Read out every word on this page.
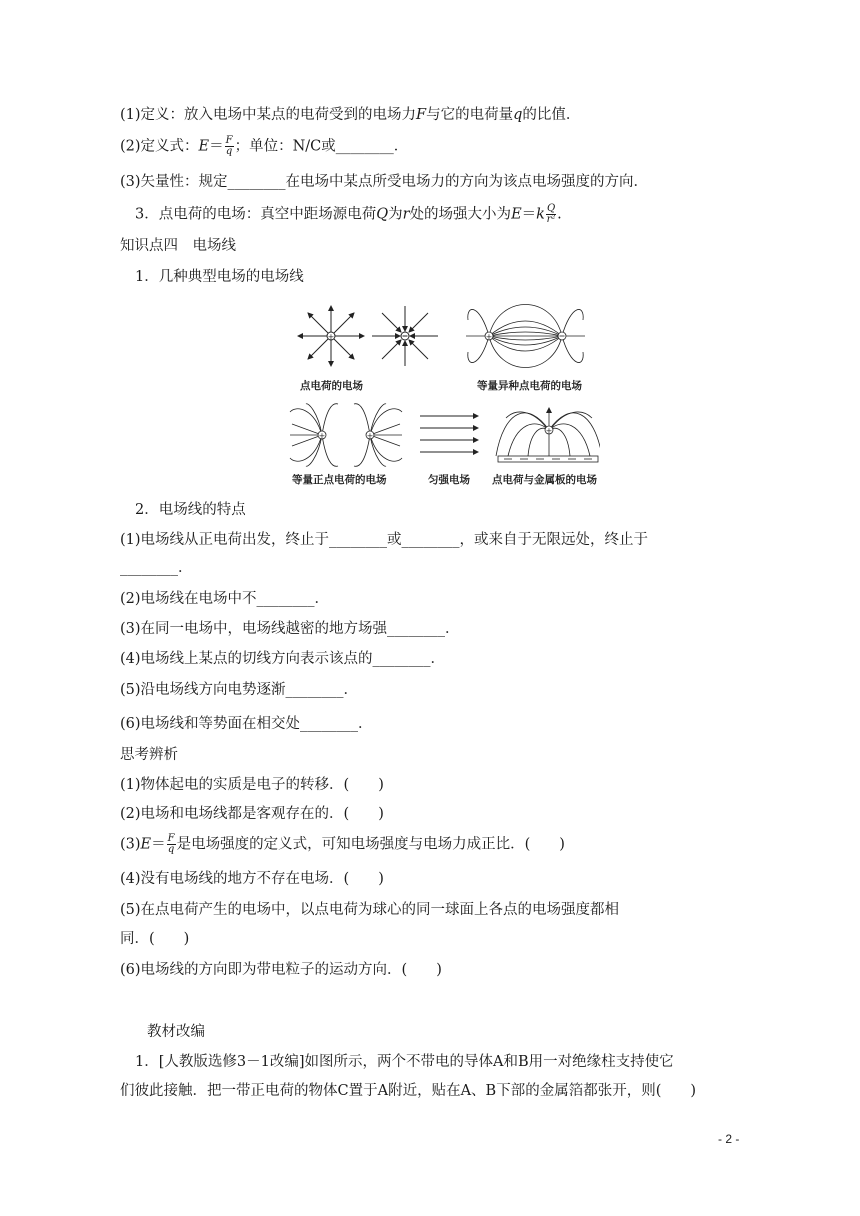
(1)定义：放入电场中某点的电荷受到的电场力F与它的电荷量q的比值．
(2)定义式：$E= \frac{F}{q}$ ；单位：N/C或________．
(3)矢量性：规定________在电场中某点所受电场力的方向为该点电场强度的方向．
3．点电荷的电场：真空中距场源电荷Q为r处的场强大小为$E=k \frac{Q}{\text{r²}}$ .
知识点四　电场线
1．几种典型电场的电场线
+	+
+	+
+
点电荷的电场	等量异种点电荷的电场
等量正点电荷的电场	匀强电场 点电荷与金属板的电场
2．电场线的特点
(1)电场线从正电荷出发，终止于________或________，或来自于无限远处，终止于
________．
(2)电场线在电场中不________．
(3)在同一电场中，电场线越密的地方场强________．
(4)电场线上某点的切线方向表示该点的________．
(5)沿电场线方向电势逐渐________．
(6)电场线和等势面在相交处________．
思考辨析
(1)物体起电的实质是电子的转移．(　　)
(2)电场和电场线都是客观存在的．(　　)
$(3)E= \frac{F}{q}$ 是电场强度的定义式，可知电场强度与电场力成正比．(　　)
(4)没有电场线的地方不存在电场．(　　)
(5)在点电荷产生的电场中，以点电荷为球心的同一球面上各点的电场强度都相
同．(　　)
(6)电场线的方向即为带电粒子的运动方向．(　　)
教材改编
1．[人教版选修3－1改编]如图所示，两个不带电的导体A和B用一对绝缘柱支持使它
们彼此接触．把一带正电荷的物体C置于A附近，贴在A、B下部的金属箔都张开，则(　　)
- 2 -
